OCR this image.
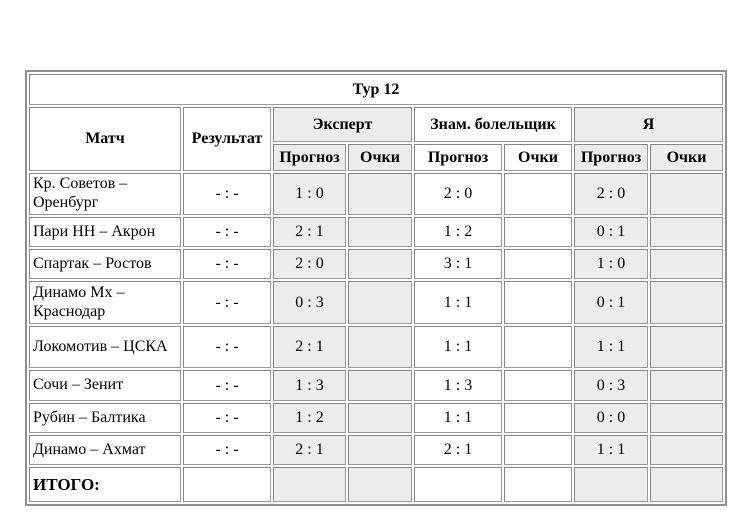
Тур 12							
Матч	Результат	Эксперт		Знам. болельщик		Я	
		Прогноз	Очки	Прогноз	Очки	Прогноз	Очки
Кр. Советов – Оренбург	- : -	1 : 0		2 : 0		2 : 0	
Пари НН – Акрон	- : -	2 : 1		1 : 2		0 : 1	
Спартак – Ростов	- : -	2 : 0		3 : 1		1 : 0	
Динамо Мх – Краснодар	- : -	0 : 3		1 : 1		0 : 1	
Локомотив – ЦСКА	- : -	2 : 1		1 : 1		1 : 1	
Сочи – Зенит	- : -	1 : 3		1 : 3		0 : 3	
Рубин – Балтика	- : -	1 : 2		1 : 1		0 : 0	
Динамо – Ахмат	- : -	2 : 1		2 : 1		1 : 1	
ИТОГО:							
